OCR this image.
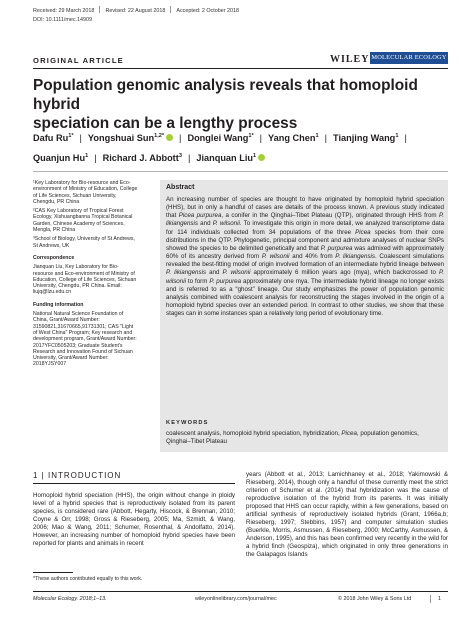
Received: 29 March 2018 Revised: 22 August 2018 Accepted: 2 October 2018
DOI: 10.1111/mec.14909
ORIGINAL ARTICLE	WILEY MOLECULAR ECOLOGY
Population genomic analysis reveals that homoploid hybrid
speciation can be a lengthy process
Dafu $Ru^{1*}$ | Yongshuai Sun$^{1,2*}$ | Donglei Wang$^{1*}$ | Yang Chen$^1$ | Tianjing Wang$^1$ |
Quanjun Hu$^1$ | Richard J. Abbott$^3$ | Jianquan Liu$^1$

¹Key Laboratory for Bio-resource and Eco-environment of Ministry of Education, College of Life Sciences, Sichuan University, Chengdu, PR China

²CAS Key Laboratory of Tropical Forest Ecology, Xishuangbanna Tropical Botanical Garden, Chinese Academy of Sciences, Mengla, PR China

³School of Biology, University of St Andrews, St Andrews, UK

Correspondence

Jianquan Liu, Key Laboratory for Bio-resource and Eco-environment of Ministry of Education, College of Life Sciences, Sichuan University, Chengdu, PR China. Email: liujq@lzu.edu.cn

Funding information

National Natural Science Foundation of China, Grant/Award Number: 31590821,31670665,91731301; CAS "Light of West China" Program; Key research and development program, Grant/Award Number: 2017YFC0505203; Graduate Student's Research and Innovation Found of Sichuan University, Grant/Award Number: 2018YJSY007

Abstract
An increasing number of species are thought to have originated by homoploid hybrid speciation (HHS), but in only a handful of cases are details of the process known. A previous study indicated that Picea purpurea, a conifer in the Qinghai–Tibet Plateau (QTP), originated through HHS from P. likiangensis and P. wilsonii. To investigate this origin in more detail, we analyzed transcriptome data for 114 individuals collected from 34 populations of the three Picea species from their core distributions in the QTP. Phylogenetic, principal component and admixture analyses of nuclear SNPs showed the species to be delimited genetically and that P. purpurea was admixed with approximately 60% of its ancestry derived from P. wilsonii and 40% from P. likiangensis. Coalescent simulations revealed the best-fitting model of origin involved formation of an intermediate hybrid lineage between P. likiangensis and P. wilsonii approximately 6 million years ago (mya), which backcrossed to P. wilsonii to form P. purpurea approximately one mya. The intermediate hybrid lineage no longer exists and is referred to as a “ghost” lineage. Our study emphasizes the power of population genomic analysis combined with coalescent analysis for reconstructing the stages involved in the origin of a homoploid hybrid species over an extended period. In contrast to other studies, we show that these stages can in some instances span a relatively long period of evolutionary time.
KEYWORDS
coalescent analysis, homoploid hybrid speciation, hybridization, Picea, population genomics, Qinghai–Tibet Plateau
1 | INTRODUCTION
Homoploid hybrid speciation (HHS), the origin without change in ploidy level of a hybrid species that is reproductively isolated from its parent species, is considered rare (Abbott, Hegarty, Hiscock, & Brennan, 2010; Coyne & Orr, 1998; Gross & Rieseberg, 2005; Ma, Szmidt, & Wang, 2006; Mao & Wang, 2011; Schumer, Rosenthal, & Andolfatto, 2014). However, an increasing number of homoploid hybrid species have been reported for plants and animals in recent
years (Abbott et al., 2013; Lamichhaney et al., 2018; Yakimowski & Rieseberg, 2014), though only a handful of these currently meet the strict criterion of Schumer et al. (2014) that hybridization was the cause of reproductive isolation of the hybrid from its parents. It was initially proposed that HHS can occur rapidly, within a few generations, based on artificial synthesis of reproductively isolated hybrids (Grant, 1966a,b; Rieseberg, 1997; Stebbins, 1957) and computer simulation studies (Buerkle, Morris, Asmussen, & Rieseberg, 2000; McCarthy, Asmussen, & Anderson, 1995), and this has been confirmed very recently in the wild for a hybrid finch (Geospiza), which originated in only three generations in the Galapagos Islands
*These authors contributed equally to this work.
Molecular Ecology. 2018;1–13.	wileyonlinelibrary.com/journal/mec	© 2018 John Wiley & Sons Ltd	1
